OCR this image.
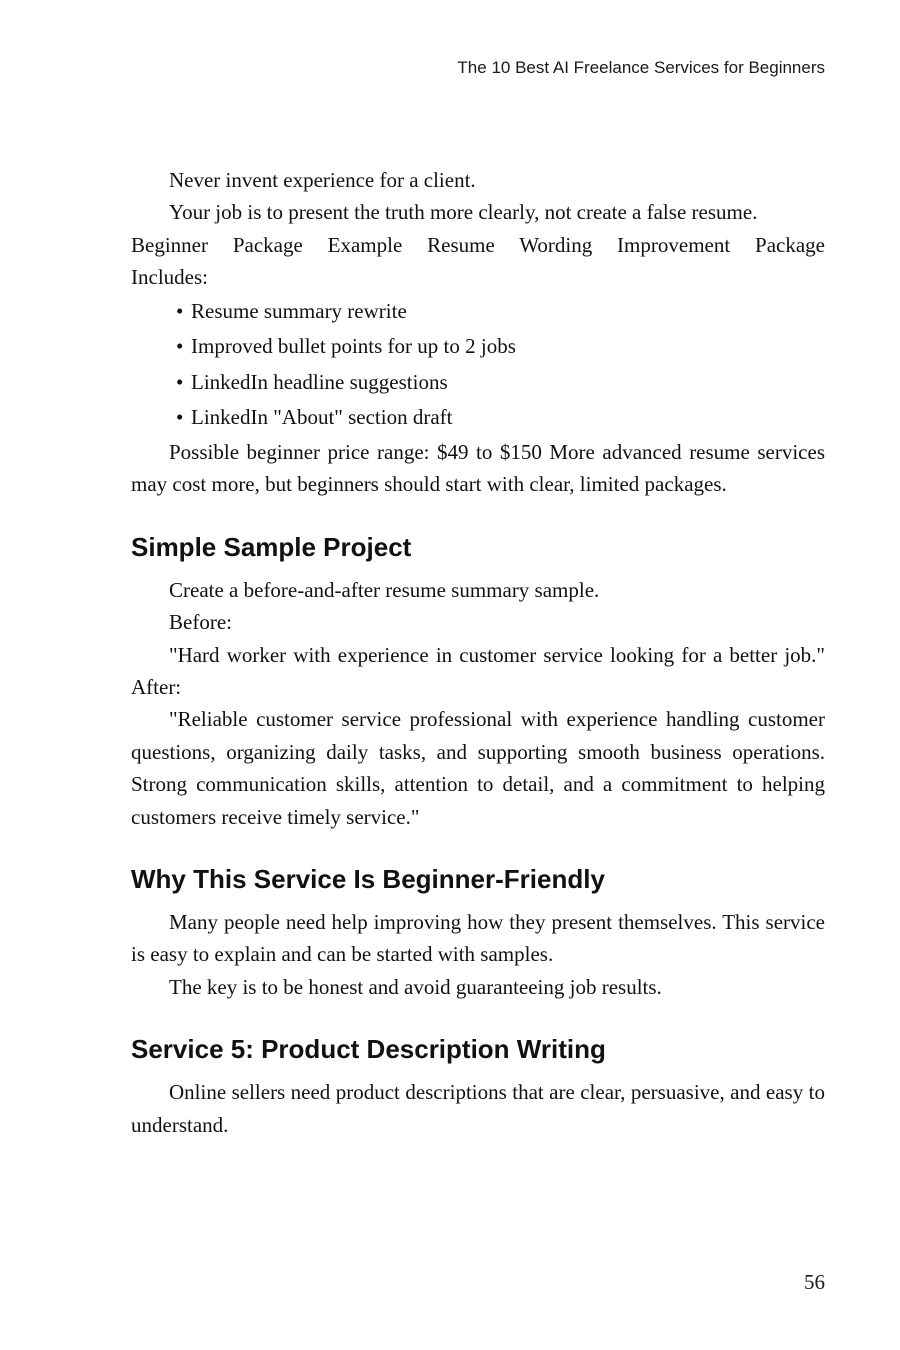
The 10 Best AI Freelance Services for Beginners

Never invent experience for a client.

Your job is to present the truth more clearly, not create a false resume.

Beginner Package Example Resume Wording Improvement Package

Includes:

• Resume summary rewrite
• Improved bullet points for up to 2 jobs
• LinkedIn headline suggestions
• LinkedIn "About" section draft

Possible beginner price range: $49 to $150 More advanced resume services may cost more, but beginners should start with clear, limited packages.

Simple Sample Project

Create a before-and-after resume summary sample.

Before:

"Hard worker with experience in customer service looking for a better job." After:

"Reliable customer service professional with experience handling customer questions, organizing daily tasks, and supporting smooth business operations. Strong communication skills, attention to detail, and a commitment to helping customers receive timely service."

Why This Service Is Beginner-Friendly

Many people need help improving how they present themselves. This service is easy to explain and can be started with samples.

The key is to be honest and avoid guaranteeing job results.

Service 5: Product Description Writing

Online sellers need product descriptions that are clear, persuasive, and easy to understand.

56
